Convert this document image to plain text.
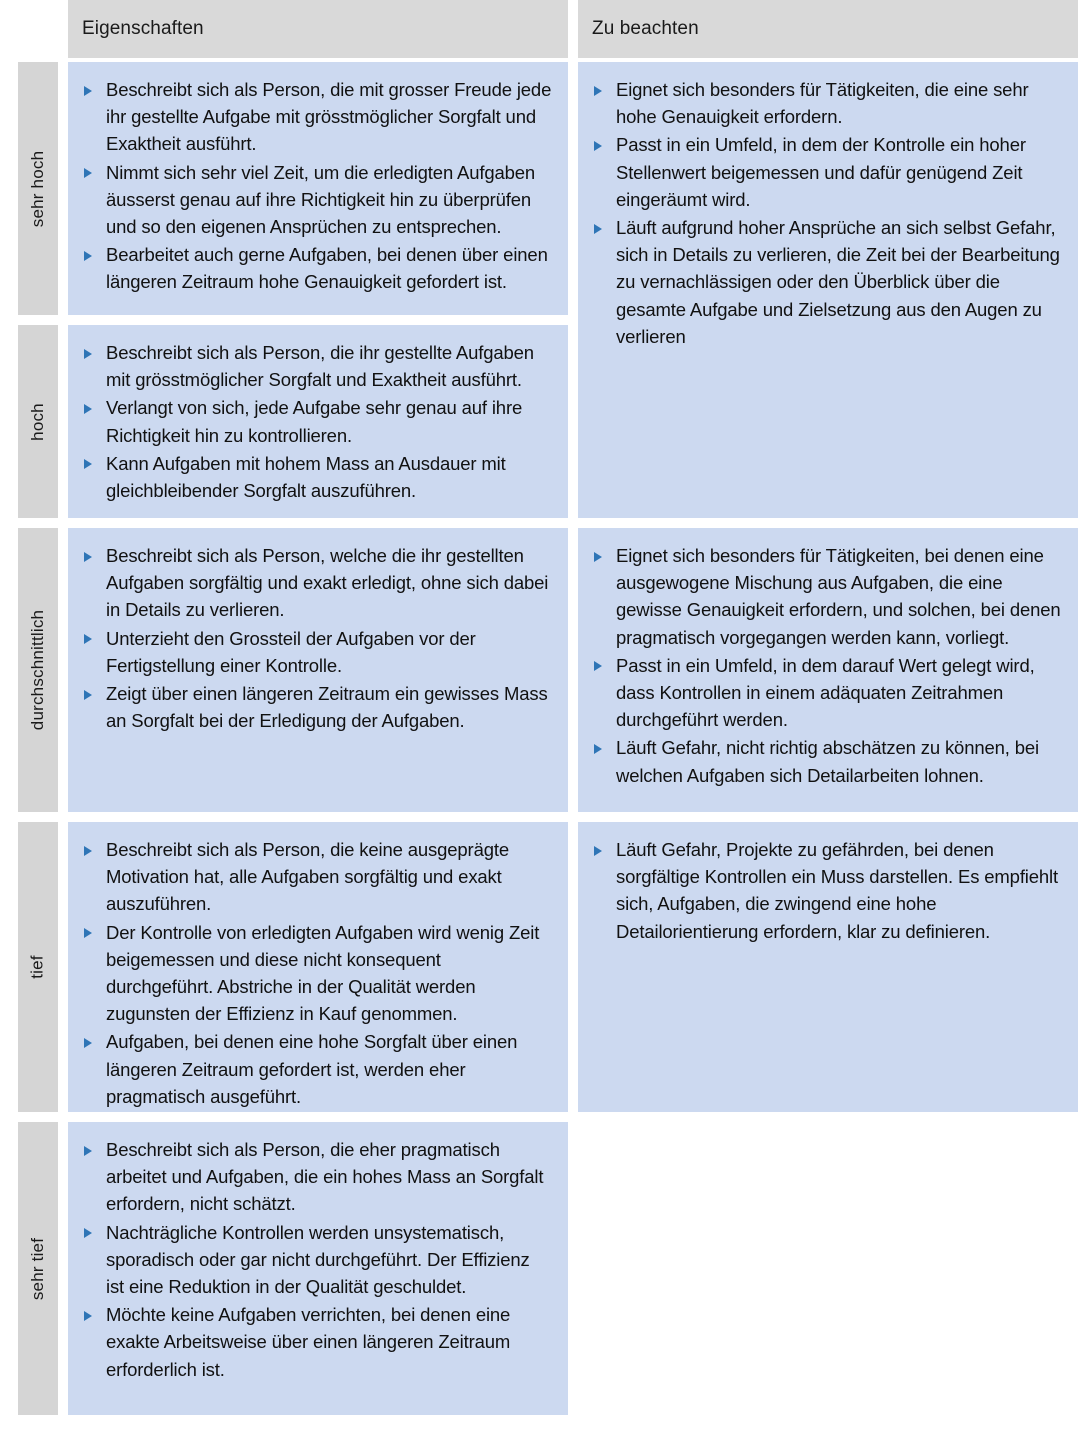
Eigenschaften	Zu beachten
sehr hoch
Beschreibt sich als Person, die mit grosser Freude jede ihr gestellte Aufgabe mit grösstmöglicher Sorgfalt und Exaktheit ausführt.
Nimmt sich sehr viel Zeit, um die erledigten Aufgaben äusserst genau auf ihre Richtigkeit hin zu überprüfen und so den eigenen Ansprüchen zu entsprechen.
Bearbeitet auch gerne Aufgaben, bei denen über einen längeren Zeitraum hohe Genauigkeit gefordert ist.
Eignet sich besonders für Tätigkeiten, die eine sehr hohe Genauigkeit erfordern.
Passt in ein Umfeld, in dem der Kontrolle ein hoher Stellenwert beigemessen und dafür genügend Zeit eingeräumt wird.
Läuft aufgrund hoher Ansprüche an sich selbst Gefahr, sich in Details zu verlieren, die Zeit bei der Bearbeitung zu vernachlässigen oder den Überblick über die gesamte Aufgabe und Zielsetzung aus den Augen zu verlieren
hoch
Beschreibt sich als Person, die ihr gestellte Aufgaben mit grösstmöglicher Sorgfalt und Exaktheit ausführt.
Verlangt von sich, jede Aufgabe sehr genau auf ihre Richtigkeit hin zu kontrollieren.
Kann Aufgaben mit hohem Mass an Ausdauer mit gleichbleibender Sorgfalt auszuführen.
durchschnittlich
Beschreibt sich als Person, welche die ihr gestellten Aufgaben sorgfältig und exakt erledigt, ohne sich dabei in Details zu verlieren.
Unterzieht den Grossteil der Aufgaben vor der Fertigstellung einer Kontrolle.
Zeigt über einen längeren Zeitraum ein gewisses Mass an Sorgfalt bei der Erledigung der Aufgaben.
Eignet sich besonders für Tätigkeiten, bei denen eine ausgewogene Mischung aus Aufgaben, die eine gewisse Genauigkeit erfordern, und solchen, bei denen pragmatisch vorgegangen werden kann, vorliegt.
Passt in ein Umfeld, in dem darauf Wert gelegt wird, dass Kontrollen in einem adäquaten Zeitrahmen durchgeführt werden.
Läuft Gefahr, nicht richtig abschätzen zu können, bei welchen Aufgaben sich Detailarbeiten lohnen.
tief
Beschreibt sich als Person, die keine ausgeprägte Motivation hat, alle Aufgaben sorgfältig und exakt auszuführen.
Der Kontrolle von erledigten Aufgaben wird wenig Zeit beigemessen und diese nicht konsequent durchgeführt. Abstriche in der Qualität werden zugunsten der Effizienz in Kauf genommen.
Aufgaben, bei denen eine hohe Sorgfalt über einen längeren Zeitraum gefordert ist, werden eher pragmatisch ausgeführt.
Läuft Gefahr, Projekte zu gefährden, bei denen sorgfältige Kontrollen ein Muss darstellen. Es empfiehlt sich, Aufgaben, die zwingend eine hohe Detailorientierung erfordern, klar zu definieren.
sehr tief
Beschreibt sich als Person, die eher pragmatisch arbeitet und Aufgaben, die ein hohes Mass an Sorgfalt erfordern, nicht schätzt.
Nachträgliche Kontrollen werden unsystematisch, sporadisch oder gar nicht durchgeführt. Der Effizienz ist eine Reduktion in der Qualität geschuldet.
Möchte keine Aufgaben verrichten, bei denen eine exakte Arbeitsweise über einen längeren Zeitraum erforderlich ist.
